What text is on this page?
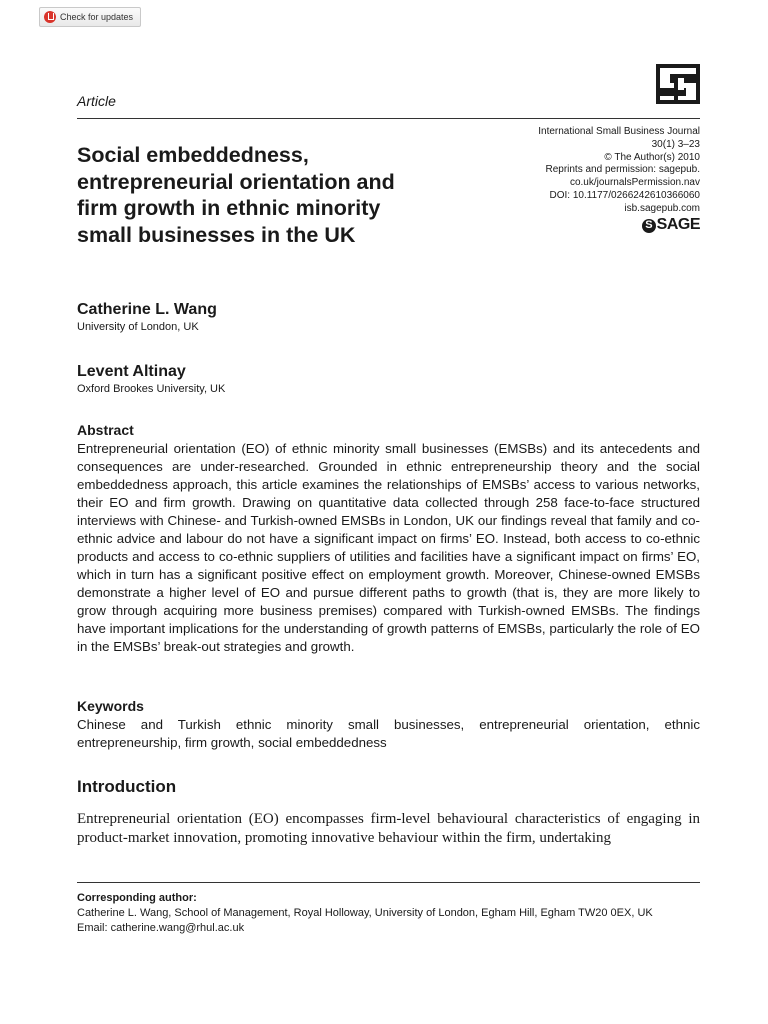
Check for updates
Article
International Small Business Journal
30(1) 3–23
© The Author(s) 2010
Reprints and permission: sagepub.
co.uk/journalsPermission.nav
DOI: 10.1177/0266242610366060
isb.sagepub.com
S SAGE
Social embeddedness,
entrepreneurial orientation and
firm growth in ethnic minority
small businesses in the UK
Catherine L. Wang
University of London, UK
Levent Altinay
Oxford Brookes University, UK
Abstract

Entrepreneurial orientation (EO) of ethnic minority small businesses (EMSBs) and its antecedents and consequences are under-researched. Grounded in ethnic entrepreneurship theory and the social embeddedness approach, this article examines the relationships of EMSBs’ access to various networks, their EO and firm growth. Drawing on quantitative data collected through 258 face-to-face structured interviews with Chinese- and Turkish-owned EMSBs in London, UK our findings reveal that family and co-ethnic advice and labour do not have a significant impact on firms’ EO. Instead, both access to co-ethnic products and access to co-ethnic suppliers of utilities and facilities have a significant impact on firms’ EO, which in turn has a significant positive effect on employment growth. Moreover, Chinese-owned EMSBs demonstrate a higher level of EO and pursue different paths to growth (that is, they are more likely to grow through acquiring more business premises) compared with Turkish-owned EMSBs. The findings have important implications for the understanding of growth patterns of EMSBs, particularly the role of EO in the EMSBs’ break-out strategies and growth.

Keywords

Chinese and Turkish ethnic minority small businesses, entrepreneurial orientation, ethnic entrepreneurship, firm growth, social embeddedness

Introduction

Entrepreneurial orientation (EO) encompasses firm-level behavioural characteristics of engaging in product-market innovation, promoting innovative behaviour within the firm, undertaking

Corresponding author:
Catherine L. Wang, School of Management, Royal Holloway, University of London, Egham Hill, Egham TW20 0EX, UK
Email: catherine.wang@rhul.ac.uk
